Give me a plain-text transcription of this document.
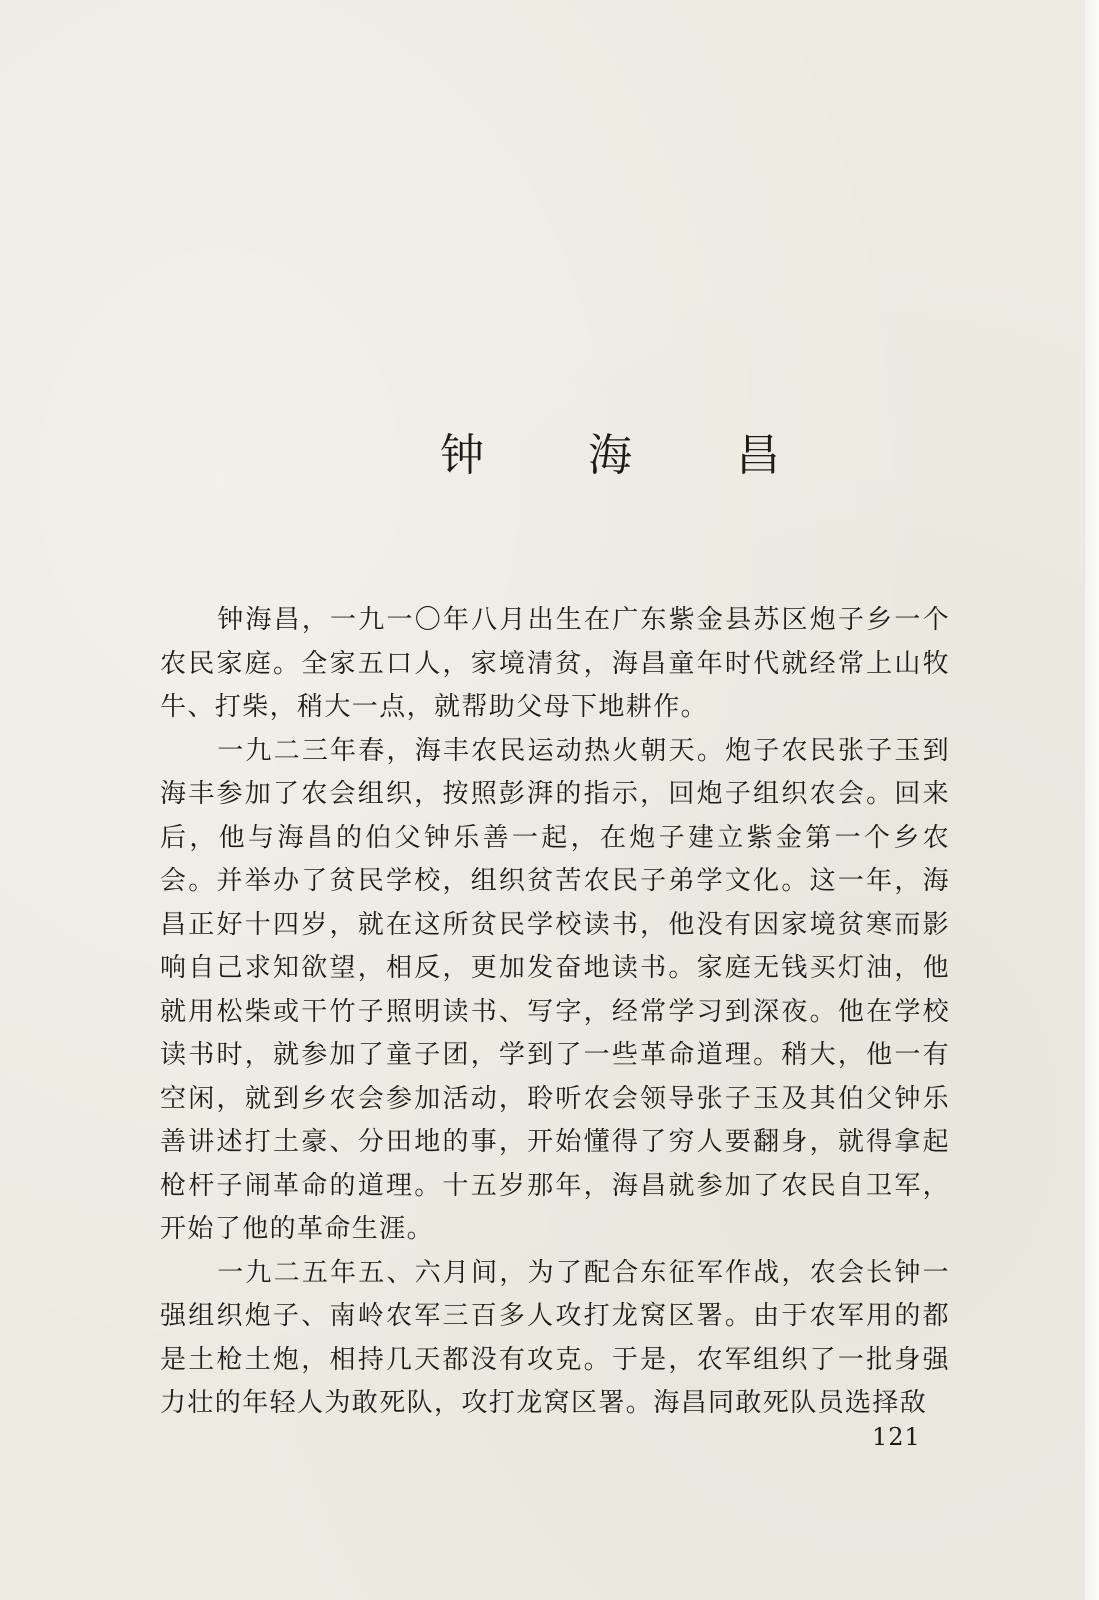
钟　海　昌

钟海昌，一九一〇年八月出生在广东紫金县苏区炮子乡一个农民家庭。全家五口人，家境清贫，海昌童年时代就经常上山牧牛、打柴，稍大一点，就帮助父母下地耕作。

一九二三年春，海丰农民运动热火朝天。炮子农民张子玉到海丰参加了农会组织，按照彭湃的指示，回炮子组织农会。回来后，他与海昌的伯父钟乐善一起，在炮子建立紫金第一个乡农会。并举办了贫民学校，组织贫苦农民子弟学文化。这一年，海昌正好十四岁，就在这所贫民学校读书，他没有因家境贫寒而影响自己求知欲望，相反，更加发奋地读书。家庭无钱买灯油，他就用松柴或干竹子照明读书、写字，经常学习到深夜。他在学校读书时，就参加了童子团，学到了一些革命道理。稍大，他一有空闲，就到乡农会参加活动，聆听农会领导张子玉及其伯父钟乐善讲述打土豪、分田地的事，开始懂得了穷人要翻身，就得拿起枪杆子闹革命的道理。十五岁那年，海昌就参加了农民自卫军，开始了他的革命生涯。

一九二五年五、六月间，为了配合东征军作战，农会长钟一强组织炮子、南岭农军三百多人攻打龙窝区署。由于农军用的都是土枪土炮，相持几天都没有攻克。于是，农军组织了一批身强力壮的年轻人为敢死队，攻打龙窝区署。海昌同敢死队员选择敌

121
